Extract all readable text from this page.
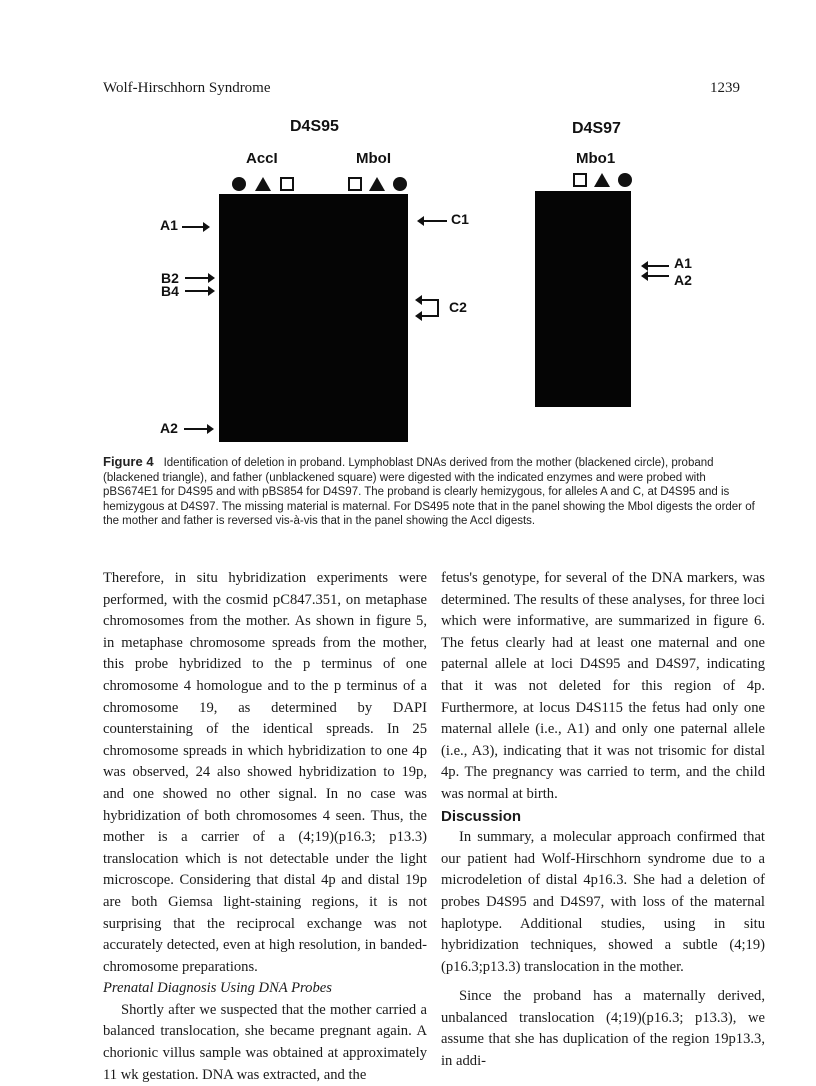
Wolf-Hirschhorn Syndrome	1239
D4S95
AccI	MboI
A1
B2
B4
A2
C1
C2
D4S97
Mbo1
A1
A2
Figure 4 Identification of deletion in proband. Lymphoblast DNAs derived from the mother (blackened circle), proband (blackened triangle), and father (unblackened square) were digested with the indicated enzymes and were probed with pBS674E1 for D4S95 and with pBS854 for D4S97. The proband is clearly hemizygous, for alleles A and C, at D4S95 and is hemizygous at D4S97. The missing material is maternal. For DS495 note that in the panel showing the MboI digests the order of the mother and father is reversed vis-à-vis that in the panel showing the AccI digests.

Therefore, in situ hybridization experiments were performed, with the cosmid pC847.351, on metaphase chromosomes from the mother. As shown in figure 5, in metaphase chromosome spreads from the mother, this probe hybridized to the p terminus of one chromosome 4 homologue and to the p terminus of a chromosome 19, as determined by DAPI counterstaining of the identical spreads. In 25 chromosome spreads in which hybridization to one 4p was observed, 24 also showed hybridization to 19p, and one showed no other signal. In no case was hybridization of both chromosomes 4 seen. Thus, the mother is a carrier of a (4;19)(p16.3; p13.3) translocation which is not detectable under the light microscope. Considering that distal 4p and distal 19p are both Giemsa light-staining regions, it is not surprising that the reciprocal exchange was not accurately detected, even at high resolution, in banded-chromosome preparations.

Prenatal Diagnosis Using DNA Probes

Shortly after we suspected that the mother carried a balanced translocation, she became pregnant again. A chorionic villus sample was obtained at approximately 11 wk gestation. DNA was extracted, and the

fetus's genotype, for several of the DNA markers, was determined. The results of these analyses, for three loci which were informative, are summarized in figure 6. The fetus clearly had at least one maternal and one paternal allele at loci D4S95 and D4S97, indicating that it was not deleted for this region of 4p. Furthermore, at locus D4S115 the fetus had only one maternal allele (i.e., A1) and only one paternal allele (i.e., A3), indicating that it was not trisomic for distal 4p. The pregnancy was carried to term, and the child was normal at birth.

Discussion

In summary, a molecular approach confirmed that our patient had Wolf-Hirschhorn syndrome due to a microdeletion of distal 4p16.3. She had a deletion of probes D4S95 and D4S97, with loss of the maternal haplotype. Additional studies, using in situ hybridization techniques, showed a subtle (4;19)(p16.3;p13.3) translocation in the mother.

Since the proband has a maternally derived, unbalanced translocation (4;19)(p16.3; p13.3), we assume that she has duplication of the region 19p13.3, in addi-
